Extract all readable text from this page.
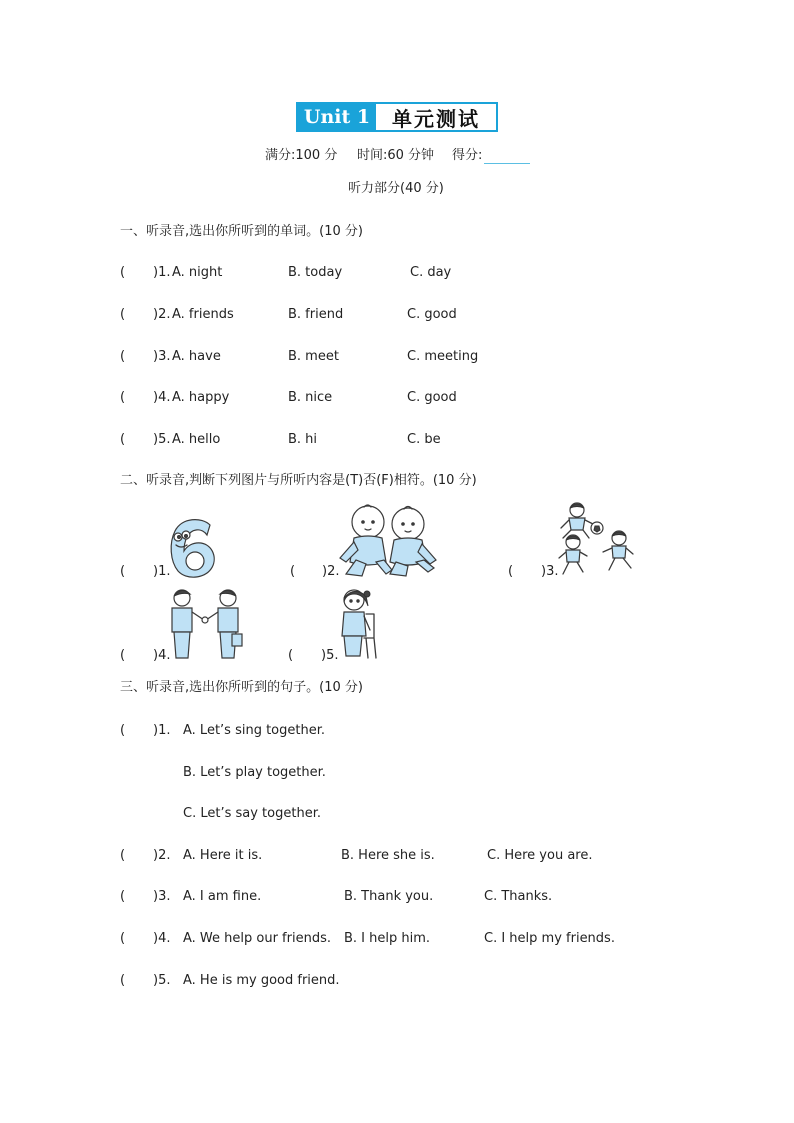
Unit 1	单元测试
满分:100 分 时间:60 分钟 得分:
听力部分(40 分)
一、听录音,选出你所听到的单词。(10 分)
( )1. A. night	B. today	C. day
( )2. A. friends	B. friend	C. good
( )3. A. have	B. meet	C. meeting
( )4. A. happy	B. nice	C. good
( )5. A. hello	B. hi	C. be
二、听录音,判断下列图片与所听内容是(T)否(F)相符。(10 分)
( )1.	( )2.	( )3.
( )4.	( )5.
三、听录音,选出你所听到的句子。(10 分)
( )1. A. Let’s sing together.
B. Let’s play together.
C. Let’s say together.
( )2. A. Here it is.	B. Here she is.	C. Here you are.
( )3. A. I am fine.	B. Thank you.	C. Thanks.
( )4. A. We help our friends. B. I help him.	C. I help my friends.
( )5. A. He is my good friend.
